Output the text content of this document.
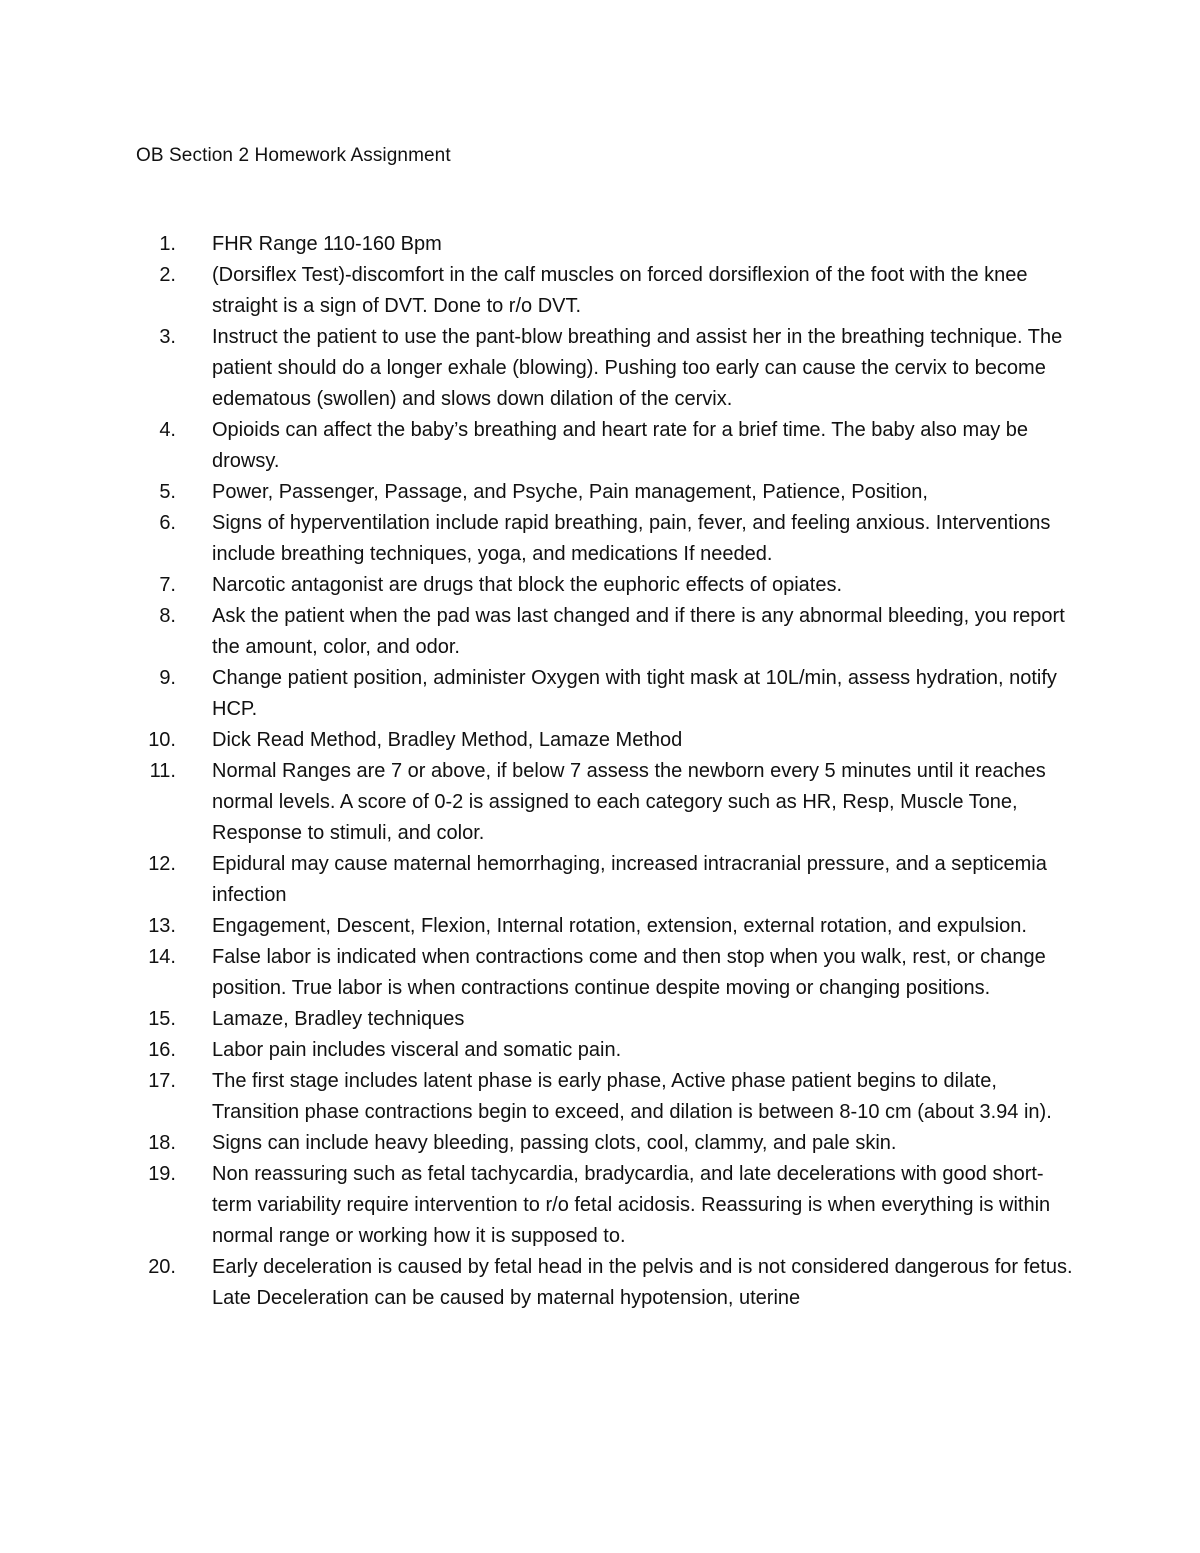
OB Section 2 Homework Assignment
1.	FHR Range 110-160 Bpm
2.	(Dorsiflex Test)-discomfort in the calf muscles on forced dorsiflexion of the foot with the knee straight is a sign of DVT. Done to r/o DVT.
3.	Instruct the patient to use the pant-blow breathing and assist her in the breathing technique. The patient should do a longer exhale (blowing). Pushing too early can cause the cervix to become edematous (swollen) and slows down dilation of the cervix.
4.	Opioids can affect the baby’s breathing and heart rate for a brief time. The baby also may be drowsy.
5.	Power, Passenger, Passage, and Psyche, Pain management, Patience, Position,
6.	Signs of hyperventilation include rapid breathing, pain, fever, and feeling anxious. Interventions include breathing techniques, yoga, and medications If needed.
7.	Narcotic antagonist are drugs that block the euphoric effects of opiates.
8.	Ask the patient when the pad was last changed and if there is any abnormal bleeding, you report the amount, color, and odor.
9.	Change patient position, administer Oxygen with tight mask at 10L/min, assess hydration, notify HCP.
10.	Dick Read Method, Bradley Method, Lamaze Method
11.	Normal Ranges are 7 or above, if below 7 assess the newborn every 5 minutes until it reaches normal levels. A score of 0-2 is assigned to each category such as HR, Resp, Muscle Tone, Response to stimuli, and color.
12.	Epidural may cause maternal hemorrhaging, increased intracranial pressure, and a septicemia infection
13.	Engagement, Descent, Flexion, Internal rotation, extension, external rotation, and expulsion.
14.	False labor is indicated when contractions come and then stop when you walk, rest, or change position. True labor is when contractions continue despite moving or changing positions.
15.	Lamaze, Bradley techniques
16.	Labor pain includes visceral and somatic pain.
17.	The first stage includes latent phase is early phase, Active phase patient begins to dilate, Transition phase contractions begin to exceed, and dilation is between 8-10 cm (about 3.94 in).
18.	Signs can include heavy bleeding, passing clots, cool, clammy, and pale skin.
19.	Non reassuring such as fetal tachycardia, bradycardia, and late decelerations with good short-term variability require intervention to r/o fetal acidosis. Reassuring is when everything is within normal range or working how it is supposed to.
20.	Early deceleration is caused by fetal head in the pelvis and is not considered dangerous for fetus. Late Deceleration can be caused by maternal hypotension, uterine
